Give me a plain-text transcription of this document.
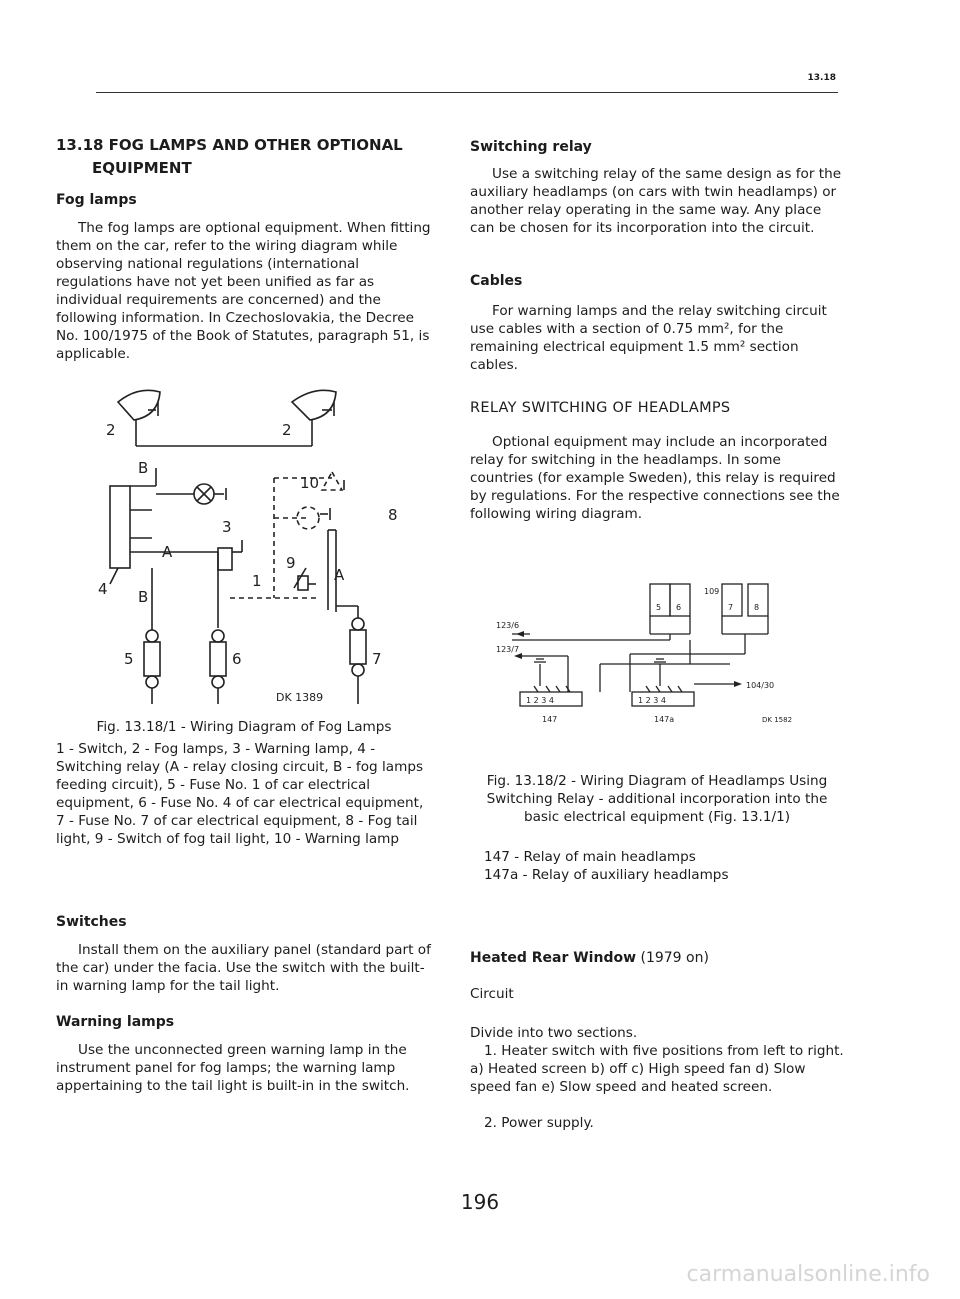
13.18
13.18 FOG LAMPS AND OTHER OPTIONAL
EQUIPMENT
Fog lamps
The fog lamps are optional equipment. When fitting them on the car, refer to the wiring diagram while observing national regulations (international regulations have not yet been unified as far as individual requirements are concerned) and the following information. In Czechoslovakia, the Decree No. 100/1975 of the Book of Statutes, paragraph 51, is applicable.
2	2
B
10
8
3
A
9
A
1
4 B
5	6	7
DK 1389
Fig. 13.18/1 - Wiring Diagram of Fog Lamps
1 - Switch, 2 - Fog lamps, 3 - Warning lamp, 4 - Switching relay (A - relay closing circuit, B - fog lamps feeding circuit), 5 - Fuse No. 1 of car electrical equipment, 6 - Fuse No. 4 of car electrical equipment, 7 - Fuse No. 7 of car electrical equipment, 8 - Fog tail light, 9 - Switch of fog tail light, 10 - Warning lamp
Switches
Install them on the auxiliary panel (standard part of the car) under the facia. Use the switch with the built-in warning lamp for the tail light.
Warning lamps
Use the unconnected green warning lamp in the instrument panel for fog lamps; the warning lamp appertaining to the tail light is built-in in the switch.
Switching relay
Use a switching relay of the same design as for the auxiliary headlamps (on cars with twin headlamps) or another relay operating in the same way. Any place can be chosen for its incorporation into the circuit.
Cables
For warning lamps and the relay switching circuit use cables with a section of 0.75 mm², for the remaining electrical equipment 1.5 mm² section cables.
RELAY SWITCHING OF HEADLAMPS
Optional equipment may include an incorporated relay for switching in the headlamps. In some countries (for example Sweden), this relay is required by regulations. For the respective connections see the following wiring diagram.
109
5 6	7	8
123/6
123/7
104/30
1 2 3 4	1 2 3 4
147	147a	DK 1582
Fig. 13.18/2 - Wiring Diagram of Headlamps Using Switching Relay - additional incorporation into the basic electrical equipment (Fig. 13.1/1)
147 - Relay of main headlamps
147a - Relay of auxiliary headlamps
Heated Rear Window (1979 on)
Circuit
Divide into two sections.
1. Heater switch with five positions from left to right. a) Heated screen b) off c) High speed fan d) Slow speed fan e) Slow speed and heated screen.
2. Power supply.
196
carmanualsonline.info
